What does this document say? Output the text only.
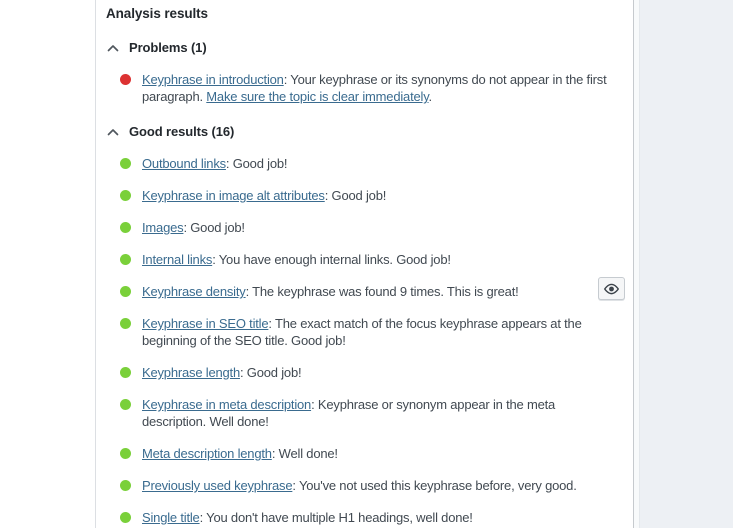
Analysis results
Problems (1)
Keyphrase in introduction: Your keyphrase or its synonyms do not appear in the first paragraph. Make sure the topic is clear immediately.
Good results (16)
Outbound links: Good job!
Keyphrase in image alt attributes: Good job!
Images: Good job!
Internal links: You have enough internal links. Good job!
Keyphrase density: The keyphrase was found 9 times. This is great!
Keyphrase in SEO title: The exact match of the focus keyphrase appears at the beginning of the SEO title. Good job!
Keyphrase length: Good job!
Keyphrase in meta description: Keyphrase or synonym appear in the meta description. Well done!
Meta description length: Well done!
Previously used keyphrase: You've not used this keyphrase before, very good.
Single title: You don't have multiple H1 headings, well done!
